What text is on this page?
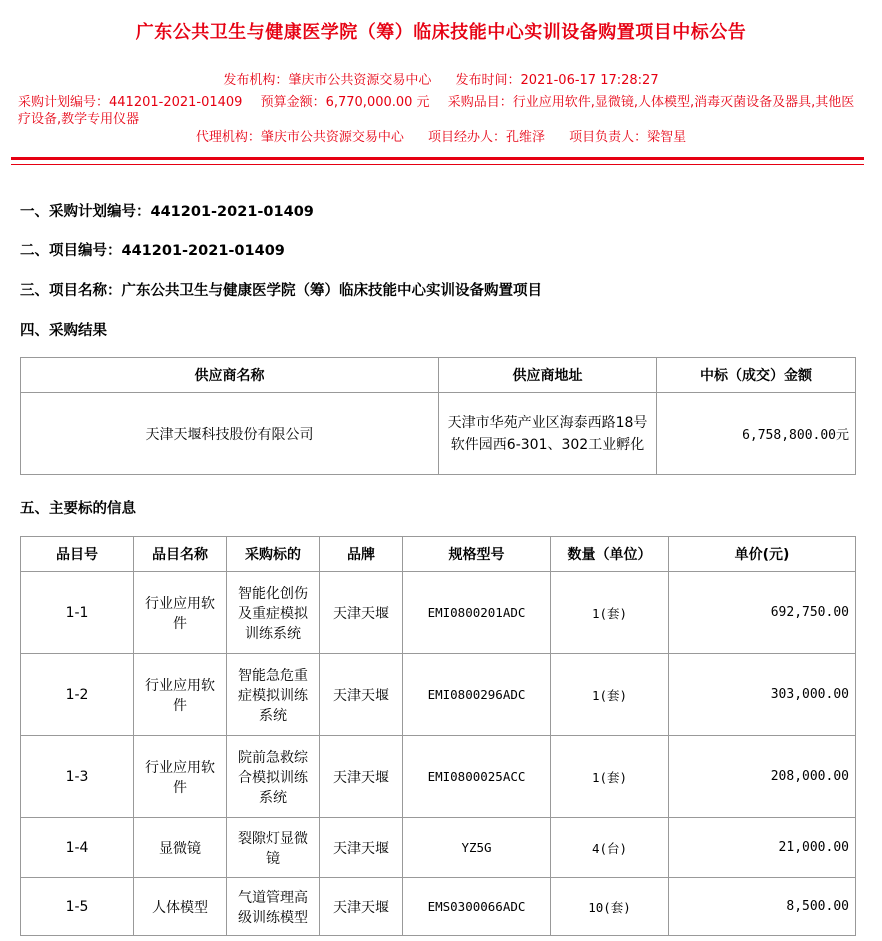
广东公共卫生与健康医学院（筹）临床技能中心实训设备购置项目中标公告
发布机构：肇庆市公共资源交易中心 发布时间：2021-06-17 17:28:27
采购计划编号：441201-2021-01409 预算金额：6,770,000.00 元 采购品目：行业应用软件,显微镜,人体模型,消毒灭菌设备及器具,其他医疗设备,教学专用仪器
代理机构：肇庆市公共资源交易中心 项目经办人：孔维泽 项目负责人：梁智星
一、采购计划编号：441201-2021-01409
二、项目编号：441201-2021-01409
三、项目名称：广东公共卫生与健康医学院（筹）临床技能中心实训设备购置项目
四、采购结果
供应商名称	供应商地址	中标（成交）金额
天津天堰科技股份有限公司	天津市华苑产业区海泰西路18号软件园西6-301、302工业孵化	6,758,800.00元
五、主要标的信息
品目号	品目名称	采购标的	品牌	规格型号	数量（单位）	单价(元)
1-1	行业应用软件	智能化创伤及重症模拟训练系统	天津天堰	EMI0800201ADC	1(套)	692,750.00
1-2	行业应用软件	智能急危重症模拟训练系统	天津天堰	EMI0800296ADC	1(套)	303,000.00
1-3	行业应用软件	院前急救综合模拟训练系统	天津天堰	EMI0800025ACC	1(套)	208,000.00
1-4	显微镜	裂隙灯显微镜	天津天堰	YZ5G	4(台)	21,000.00
1-5	人体模型	气道管理高级训练模型	天津天堰	EMS0300066ADC	10(套)	8,500.00
